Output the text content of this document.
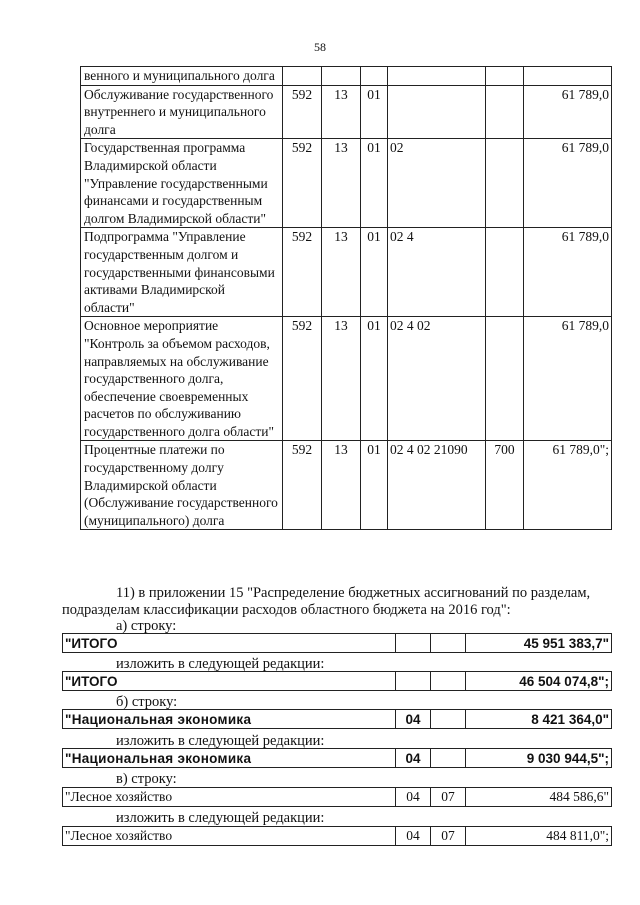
58
венного и муниципального долга						
Обслуживание государственного внутреннего и муниципального долга	592	13	01			61 789,0
Государственная программа Владимирской области "Управление государственными финансами и государственным долгом Владимирской области"	592	13	01	02		61 789,0
Подпрограмма "Управление государственным долгом и государственными финансовыми активами Владимирской области"	592	13	01	02 4		61 789,0
Основное мероприятие "Контроль за объемом расходов, направляемых на обслуживание государственного долга, обеспечение своевременных расчетов по обслуживанию государственного долга области"	592	13	01	02 4 02		61 789,0
Процентные платежи по государственному долгу Владимирской области (Обслуживание государственного (муниципального) долга	592	13	01	02 4 02 21090	700	61 789,0";
11) в приложении 15 "Распределение бюджетных ассигнований по разделам,
подразделам классификации расходов областного бюджета на 2016 год":
а) строку:
"ИТОГО			45 951 383,7"
изложить в следующей редакции:
"ИТОГО			46 504 074,8";
б) строку:
"Национальная экономика	04		8 421 364,0"
изложить в следующей редакции:
"Национальная экономика	04		9 030 944,5";
в) строку:
"Лесное хозяйство	04	07	484 586,6"
изложить в следующей редакции:
"Лесное хозяйство	04	07	484 811,0";
